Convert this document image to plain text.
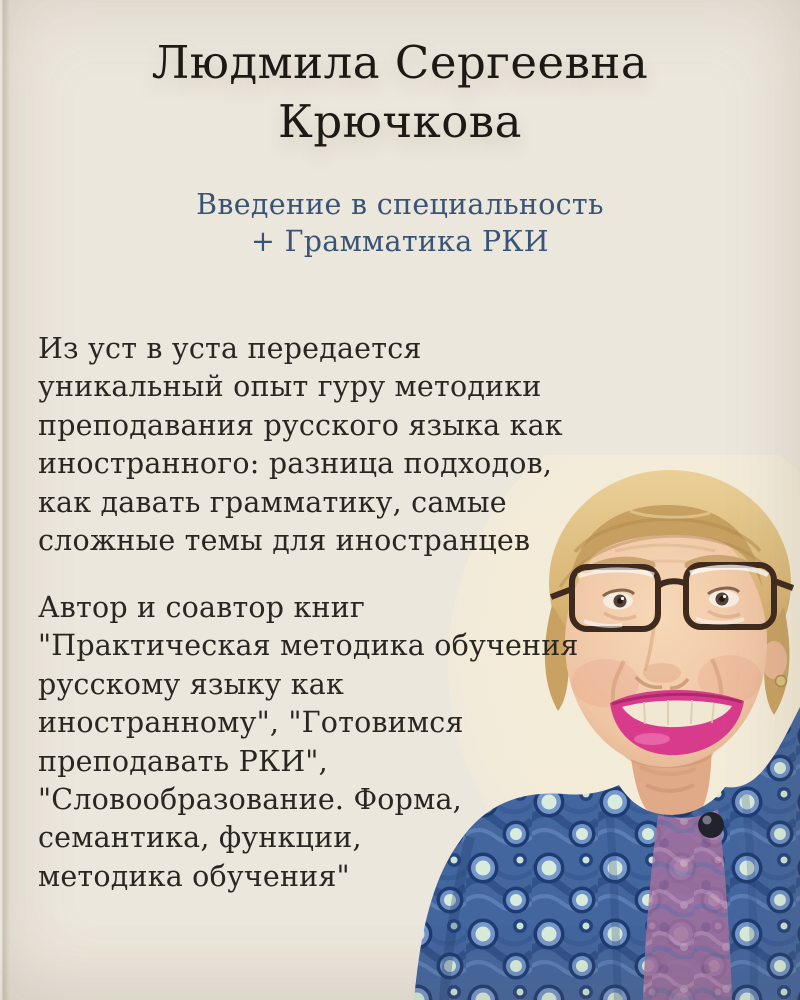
Людмила Сергеевна
Крючкова
Введение в специальность
+ Грамматика РКИ
Из уст в уста передается
уникальный опыт гуру методики
преподавания русского языка как
иностранного: разница подходов,
как давать грамматику, самые
сложные темы для иностранцев
Автор и соавтор книг
"Практическая методика обучения
русскому языку как
иностранному", "Готовимся
преподавать РКИ",
"Словообразование. Форма,
семантика, функции,
методика обучения"
